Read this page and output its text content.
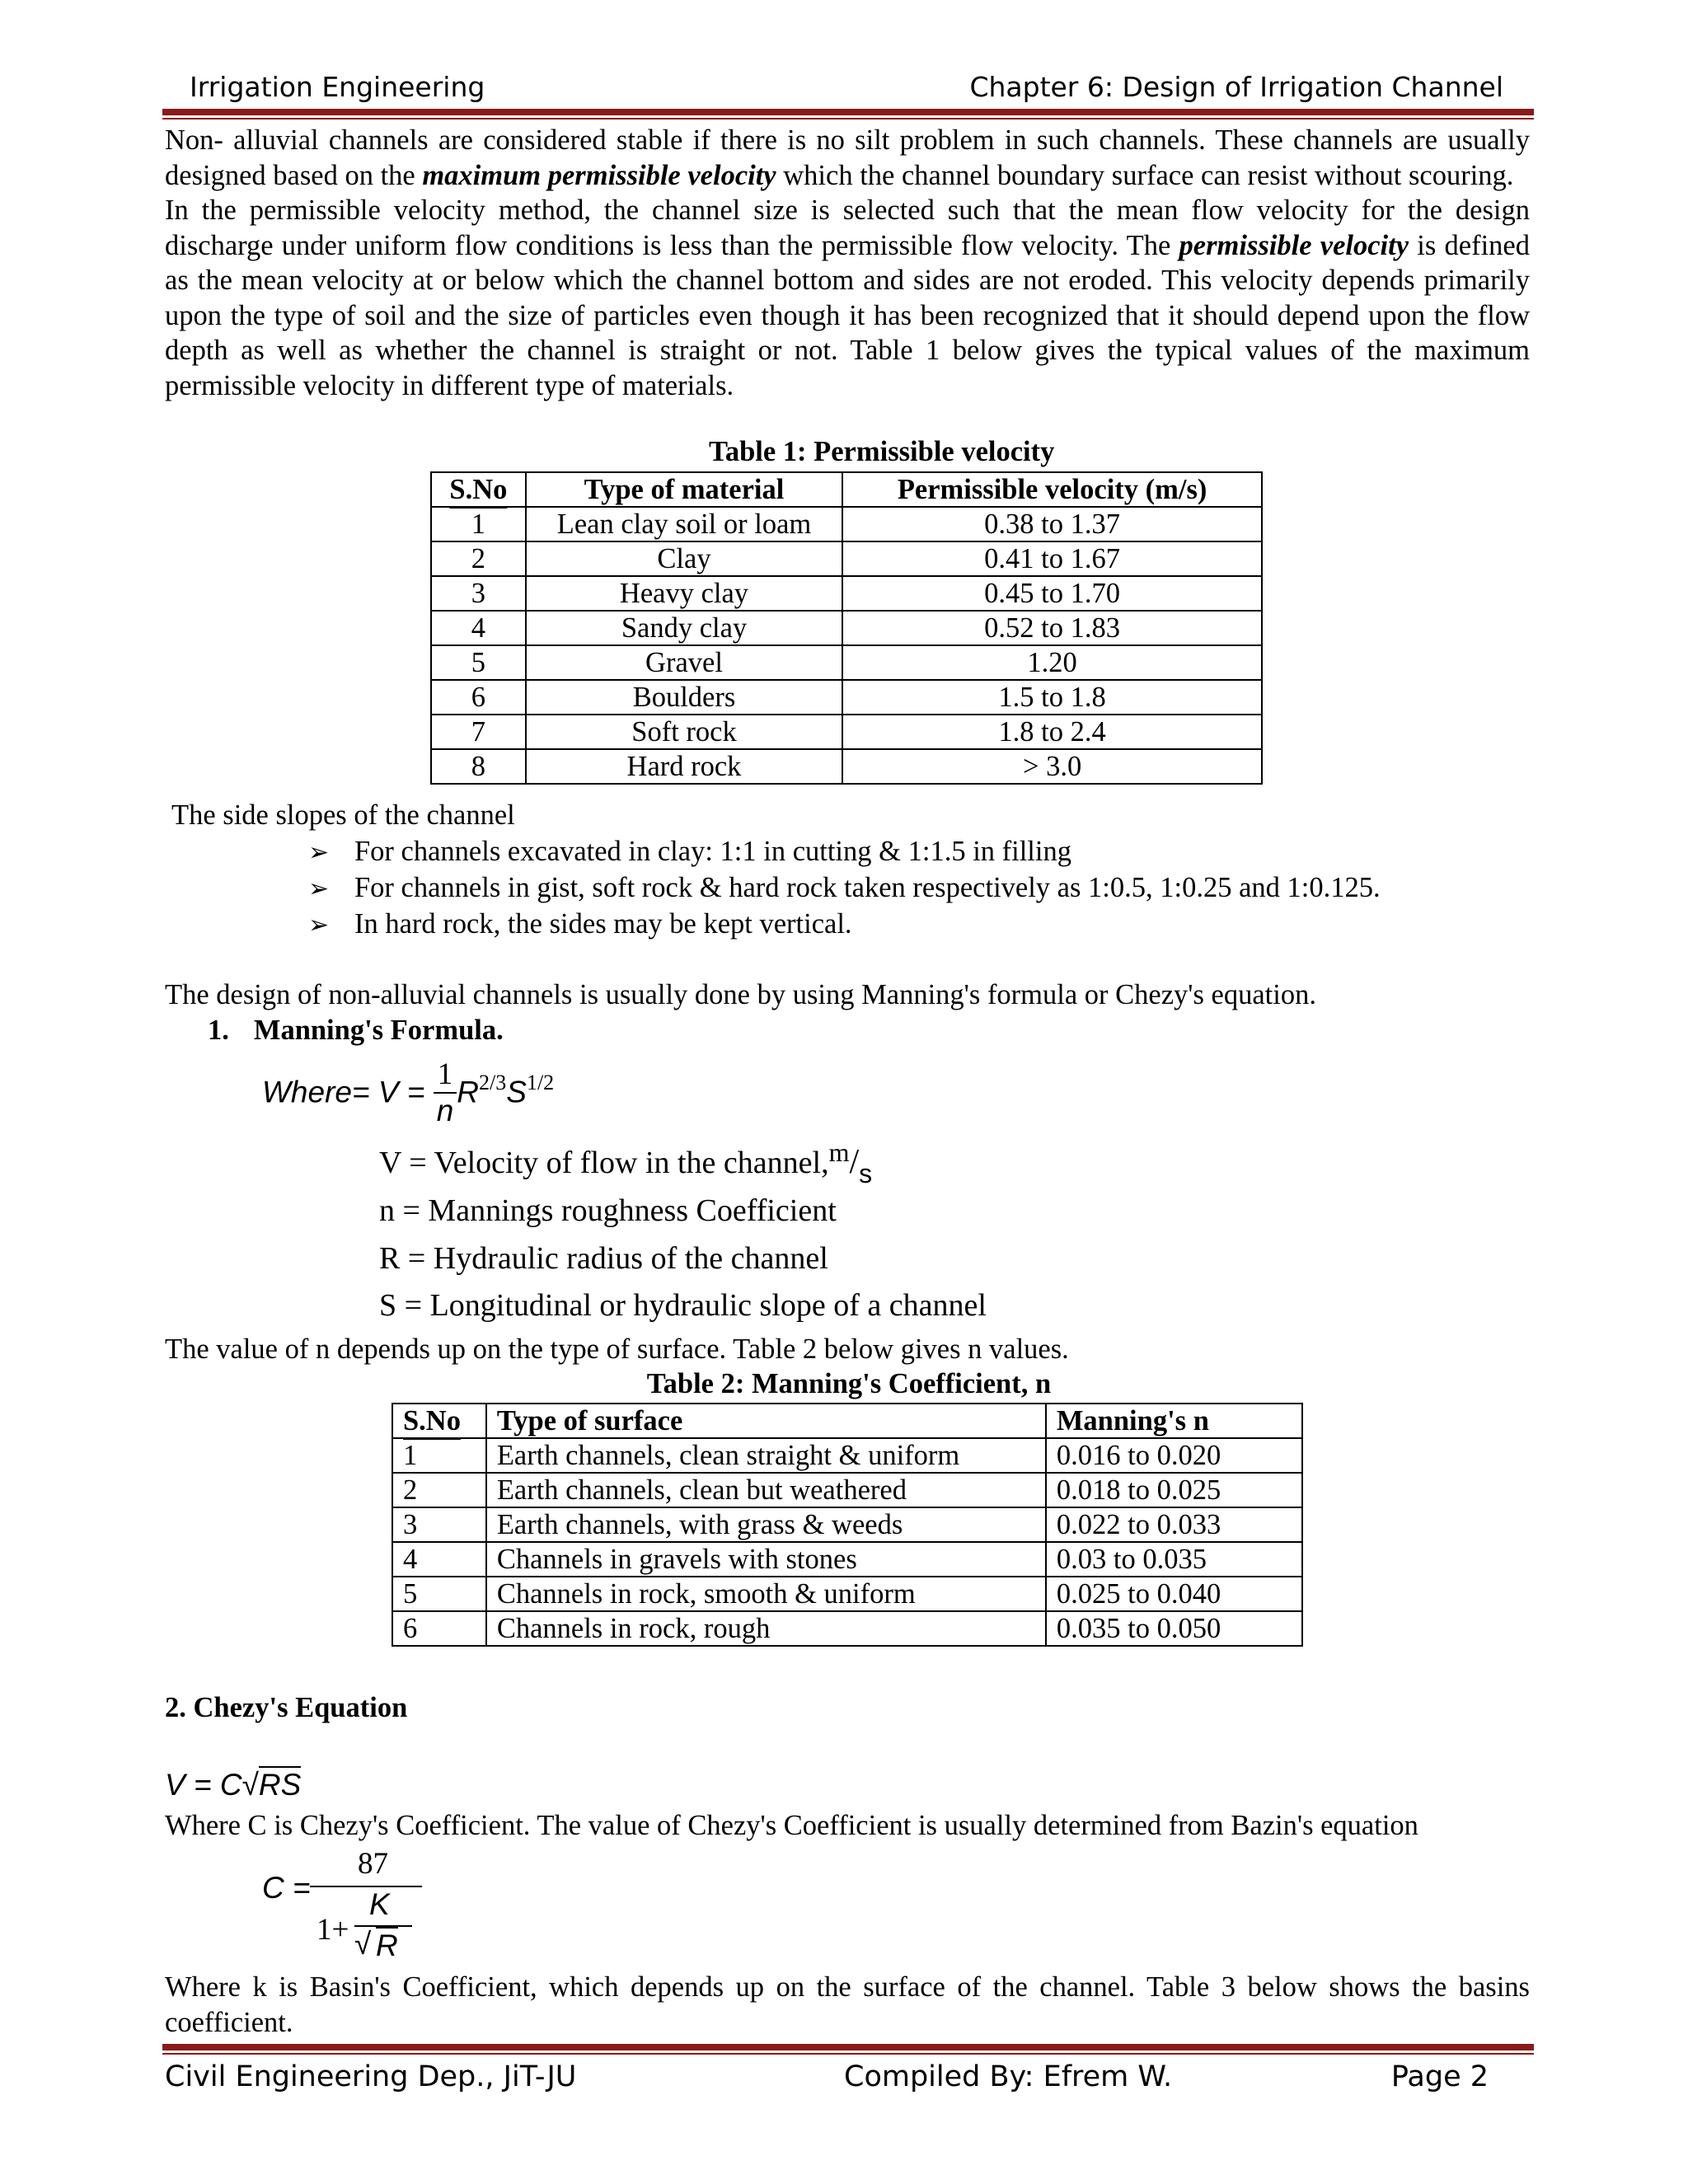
Irrigation Engineering	Chapter 6: Design of Irrigation Channel

Non- alluvial channels are considered stable if there is no silt problem in such channels. These channels are usually designed based on the maximum permissible velocity which the channel boundary surface can resist without scouring.

In the permissible velocity method, the channel size is selected such that the mean flow velocity for the design discharge under uniform flow conditions is less than the permissible flow velocity. The permissible velocity is defined as the mean velocity at or below which the channel bottom and sides are not eroded. This velocity depends primarily upon the type of soil and the size of particles even though it has been recognized that it should depend upon the flow depth as well as whether the channel is straight or not. Table 1 below gives the typical values of the maximum permissible velocity in different type of materials.

Table 1: Permissible velocity
S.No	Type of material	Permissible velocity (m/s)
1	Lean clay soil or loam	0.38 to 1.37
2	Clay	0.41 to 1.67
3	Heavy clay	0.45 to 1.70
4	Sandy clay	0.52 to 1.83
5	Gravel	1.20
6	Boulders	1.5 to 1.8
7	Soft rock	1.8 to 2.4
8	Hard rock	> 3.0
The side slopes of the channel
➢ For channels excavated in clay: 1:1 in cutting & 1:1.5 in filling
➢ For channels in gist, soft rock & hard rock taken respectively as 1:0.5, 1:0.25 and 1:0.125.
➢ In hard rock, the sides may be kept vertical.
The design of non-alluvial channels is usually done by using Manning's formula or Chezy's equation.
1. Manning's Formula.
Where= $V = \frac{1}{n} R^{2/3}S^{1/2}$
V = Velocity of flow in the $channel,^m/_s$
n = Mannings roughness Coefficient
R = Hydraulic radius of the channel
S = Longitudinal or hydraulic slope of a channel
The value of n depends up on the type of surface. Table 2 below gives n values.
Table 2: Manning's Coefficient, n
S.No	Type of surface	Manning's n
1	Earth channels, clean straight & uniform	0.016 to 0.020
2	Earth channels, clean but weathered	0.018 to 0.025
3	Earth channels, with grass & weeds	0.022 to 0.033
4	Channels in gravels with stones	0.03 to 0.035
5	Channels in rock, smooth & uniform	0.025 to 0.040
6	Channels in rock, rough	0.035 to 0.050
2. Chezy's Equation
V = C√RS
Where C is Chezy's Coefficient. The value of Chezy's Coefficient is usually determined from Bazin's equation
C =
87
1+
K
√ R
Where k is Basin's Coefficient, which depends up on the surface of the channel. Table 3 below shows the basins coefficient.
Civil Engineering Dep., JiT-JU	Compiled By: Efrem W.	Page 2
